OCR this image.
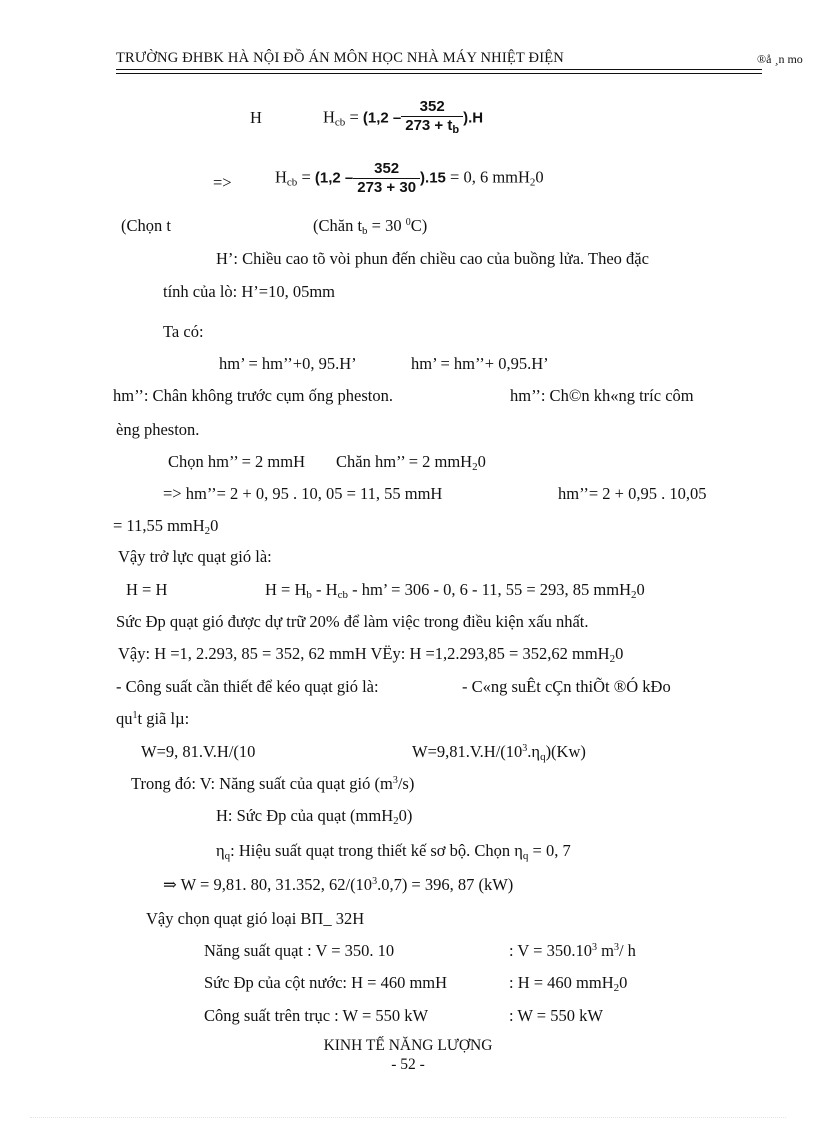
TRƯỜNG ĐHBK HÀ NỘI ĐỒ ÁN MÔN HỌC NHÀ MÁY NHIỆT ĐIỆN	®å ¸n mo
H	$H_{cb} = (1,2 - \frac{352}{273 + t_b} ).H$
=>	$H_{cb} = (1,2 - \frac{352}{273 + 30} ).15 = 0$, 6 mmH$_2$0
(Chọn t	(Chăn $t_b = 30$ $^0$C)
H’: Chiều cao tõ vòi phun đến chiều cao của buồng lửa. Theo đặc
tính của lò: H’=10, 05mm
Ta có:
hm’ = hm’’+0, 95.H’	hm’ = hm’’+ 0,95.H’
hm’’: Chân không trước cụm ống pheston.	hm’’: Ch©n kh«ng tríc côm
èng pheston.
Chọn hm’’ = 2 mmH Chăn hm’’ = 2 mmH$_2$0
=> hm’’= 2 + 0, 95 . 10, 05 = 11, 55 mmH	hm’’= 2 + 0,95 . 10,05
= 11,55 mmH$_2$0
Vậy trở lực quạt gió là:
H = H	$H = H_b - H_{cb}$ - hm’ = 306 - 0, 6 - 11, 55 = 293, 85 mmH$_2$0
Sức Ðp quạt gió được dự trữ 20% để làm việc trong điều kiện xấu nhất.
Vậy: H =1, 2.293, 85 = 352, 62 mmH VËy: H =1,2.293,85 = 352,62 mmH$_2$0
- Công suất cần thiết để kéo quạt gió là:	- C«ng suÊt cÇn thiÕt ®Ó kÐo
$qu^1t$ giã lµ:
W=9, 81.V.H/(10	$W=9,81.V.H/(10^3.\eta_q)(Kw)$
Trong đó: V: Năng suất của quạt gió $(m^3/s)$
H: Sức Ðp của quạt (mmH$_2$0)
$\eta_q$: Hiệu suất quạt trong thiết kế sơ bộ. Chọn $\eta_q = 0$, 7
⇒ W = 9,81. 80, 31.352, $62/(10^3.0,7) = 396$, 87 (kW)
Vậy chọn quạt gió loại BΠ_ 32H
Năng suất quạt : V = 350. 10	: $V = 350.10^3$ $m^3/$ h
Sức Ðp của cột nước: H = 460 mmH	: H = 460 mmH$_2$0
Công suất trên trục : W = 550 kW	: W = 550 kW
KINH TẾ NĂNG LƯỢNG
- 52 -
